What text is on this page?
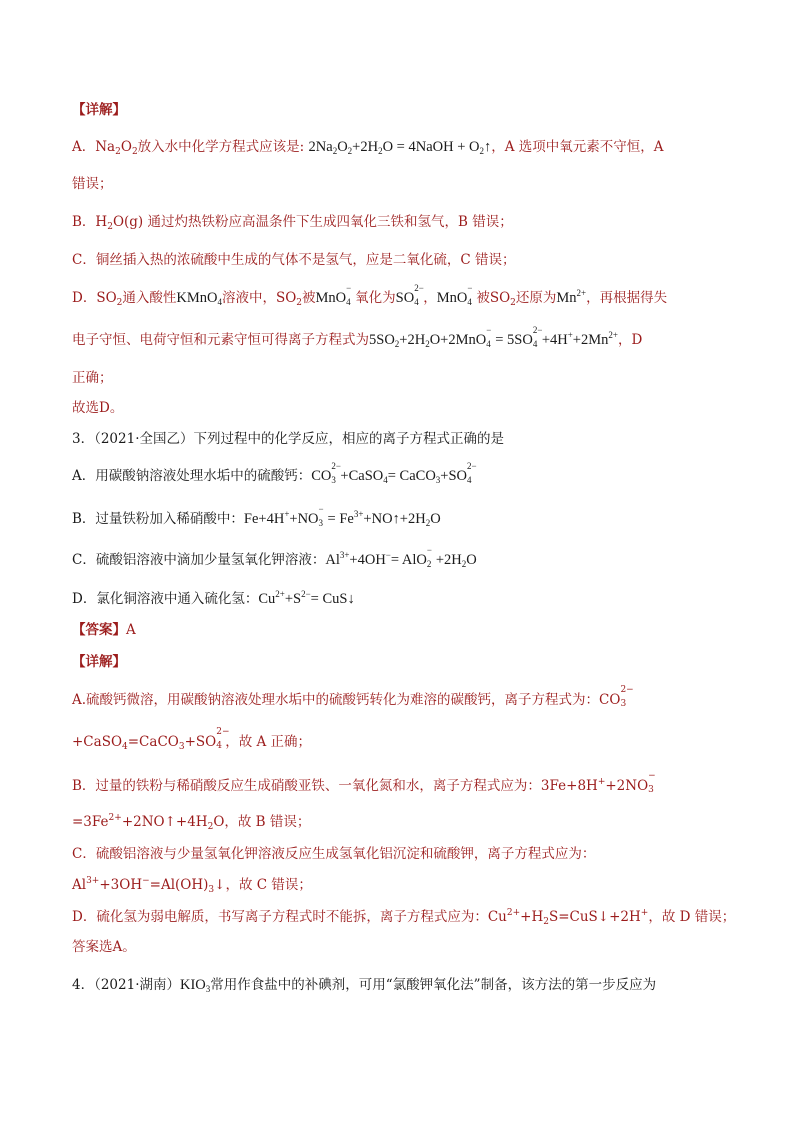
【详解】
A．$Na_2O_2$放入水中化学方程式应该是: $2Na_2O_2+2H_2O$ = 4NaOH + $O_2↑$，A 选项中氧元素不守恒，A
错误；
B．$H_2O(g)$ 通过灼热铁粉应高温条件下生成四氧化三铁和氢气，B 错误；
C．铜丝插入热的浓硫酸中生成的气体不是氢气，应是二氧化硫，C 错误；
D．$SO_2$通入酸性KMnO$_4$溶液中，$SO_2$被MnO
−
4 氧化为SO
2−
4 ，MnO
−
4 被$SO_2$还原为$Mn^{2+}$，再根据得失
电子守恒、电荷守恒和元素守恒可得离子方程式为$5SO_2+2H_2O+2MnO$
−
4 = 5SO
2−
$4 +4H^++2Mn^{2+}$，D
正确；
故选D。
3．（2021·全国乙）下列过程中的化学反应，相应的离子方程式正确的是
A．用碳酸钠溶液处理水垢中的硫酸钙：CO
2−
3 +CaSO$_4$= CaCO$_3$+SO
2−
4
B．过量铁粉加入稀硝酸中：Fe+4H++NO
−
$3 = Fe^{3+}+NO↑+2H_2O$
C．硫酸铝溶液中滴加少量氢氧化钾溶液：$Al^{3+}+4OH^-=$ AlO
−
$2 +2H_2O$
D．氯化铜溶液中通入硫化氢：$Cu^{2+}+S^{2-}=$ CuS↓
【答案】A
【详解】
A.硫酸钙微溶，用碳酸钠溶液处理水垢中的硫酸钙转化为难溶的碳酸钙，离子方程式为：CO
2−
3
+CaSO$_4$=CaCO$_3$+SO
2−
4 ，故 A 正确；
B．过量的铁粉与稀硝酸反应生成硝酸亚铁、一氧化氮和水，离子方程式应为：3Fe+8H++2NO
−
3
$=3Fe^{2+}+2NO↑+4H_2O$，故 B 错误；
C．硫酸铝溶液与少量氢氧化钾溶液反应生成氢氧化铝沉淀和硫酸钾，离子方程式应为：
$Al^{3+}+3OH^-=Al(OH)_3↓$，故 C 错误；
D．硫化氢为弱电解质，书写离子方程式时不能拆，离子方程式应为：$Cu^{2+}+H_2S=CuS↓+2H^+$，故 D 错误；
答案选A。
4．（2021·湖南）$KIO_3$常用作食盐中的补碘剂，可用“氯酸钾氧化法”制备，该方法的第一步反应为
